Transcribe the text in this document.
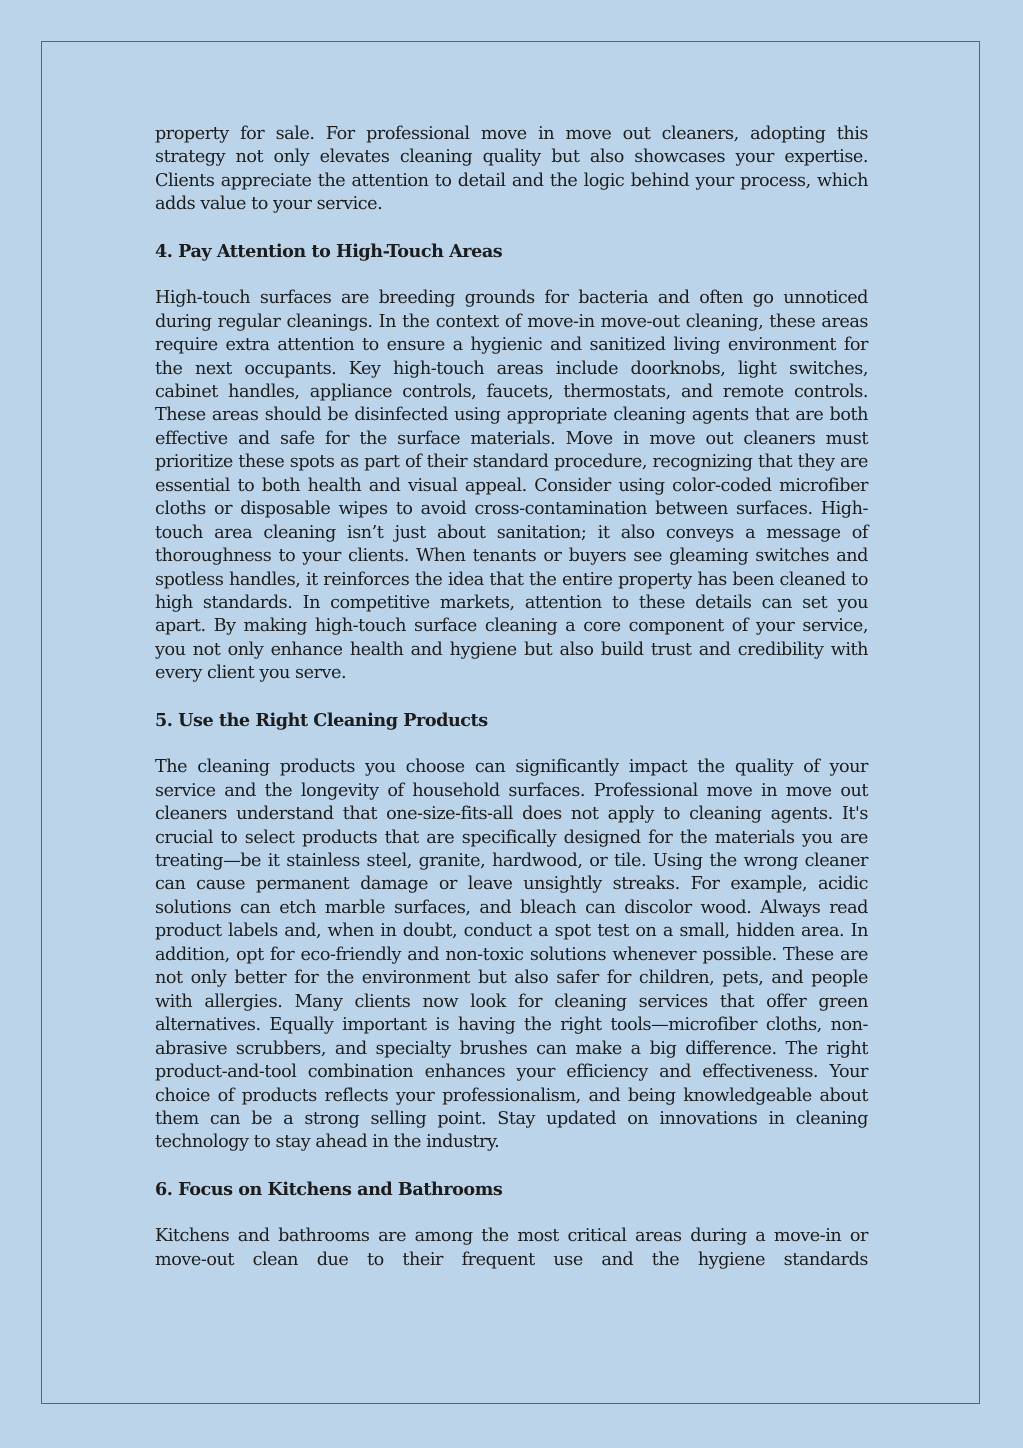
property for sale. For professional move in move out cleaners, adopting this strategy not only elevates cleaning quality but also showcases your expertise. Clients appreciate the attention to detail and the logic behind your process, which adds value to your service.

4. Pay Attention to High-Touch Areas

High-touch surfaces are breeding grounds for bacteria and often go unnoticed during regular cleanings. In the context of move-in move-out cleaning, these areas require extra attention to ensure a hygienic and sanitized living environment for the next occupants. Key high-touch areas include doorknobs, light switches, cabinet handles, appliance controls, faucets, thermostats, and remote controls. These areas should be disinfected using appropriate cleaning agents that are both effective and safe for the surface materials. Move in move out cleaners must prioritize these spots as part of their standard procedure, recognizing that they are essential to both health and visual appeal. Consider using color-coded microfiber cloths or disposable wipes to avoid cross-contamination between surfaces. High-touch area cleaning isn’t just about sanitation; it also conveys a message of thoroughness to your clients. When tenants or buyers see gleaming switches and spotless handles, it reinforces the idea that the entire property has been cleaned to high standards. In competitive markets, attention to these details can set you apart. By making high-touch surface cleaning a core component of your service, you not only enhance health and hygiene but also build trust and credibility with every client you serve.

5. Use the Right Cleaning Products

The cleaning products you choose can significantly impact the quality of your service and the longevity of household surfaces. Professional move in move out cleaners understand that one-size-fits-all does not apply to cleaning agents. It's crucial to select products that are specifically designed for the materials you are treating—be it stainless steel, granite, hardwood, or tile. Using the wrong cleaner can cause permanent damage or leave unsightly streaks. For example, acidic solutions can etch marble surfaces, and bleach can discolor wood. Always read product labels and, when in doubt, conduct a spot test on a small, hidden area. In addition, opt for eco-friendly and non-toxic solutions whenever possible. These are not only better for the environment but also safer for children, pets, and people with allergies. Many clients now look for cleaning services that offer green alternatives. Equally important is having the right tools—microfiber cloths, non-abrasive scrubbers, and specialty brushes can make a big difference. The right product-and-tool combination enhances your efficiency and effectiveness. Your choice of products reflects your professionalism, and being knowledgeable about them can be a strong selling point. Stay updated on innovations in cleaning technology to stay ahead in the industry.

6. Focus on Kitchens and Bathrooms

Kitchens and bathrooms are among the most critical areas during a move-in or move-out clean due to their frequent use and the hygiene standards
